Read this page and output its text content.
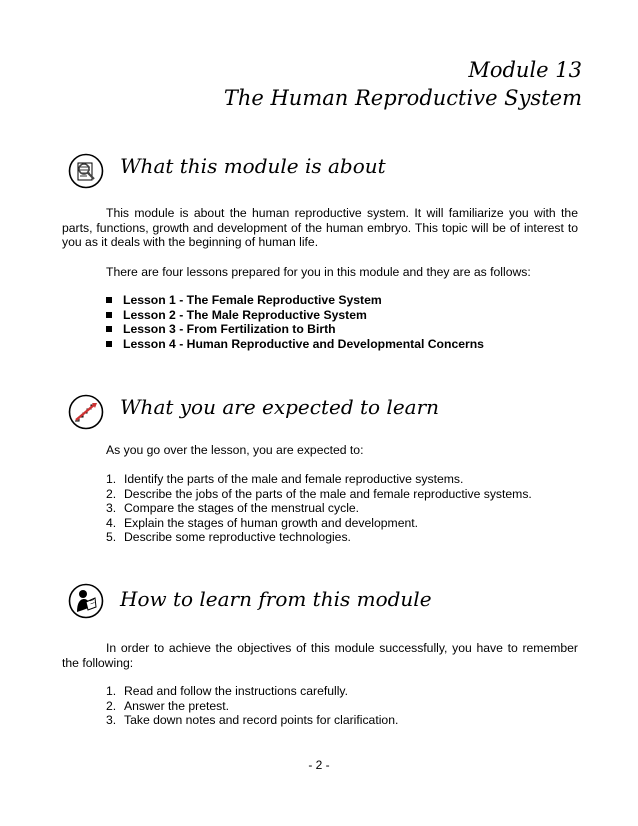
Module 13
The Human Reproductive System
What this module is about

This module is about the human reproductive system. It will familiarize you with the parts, functions, growth and development of the human embryo. This topic will be of interest to you as it deals with the beginning of human life.

There are four lessons prepared for you in this module and they are as follows:
Lesson 1 - The Female Reproductive System
Lesson 2 - The Male Reproductive System
Lesson 3 - From Fertilization to Birth
Lesson 4 - Human Reproductive and Developmental Concerns
What you are expected to learn
As you go over the lesson, you are expected to:
1. Identify the parts of the male and female reproductive systems.
2. Describe the jobs of the parts of the male and female reproductive systems.
3. Compare the stages of the menstrual cycle.
4. Explain the stages of human growth and development.
5. Describe some reproductive technologies.
How to learn from this module

In order to achieve the objectives of this module successfully, you have to remember the following:

1. Read and follow the instructions carefully.
2. Answer the pretest.
3. Take down notes and record points for clarification.
- 2 -
